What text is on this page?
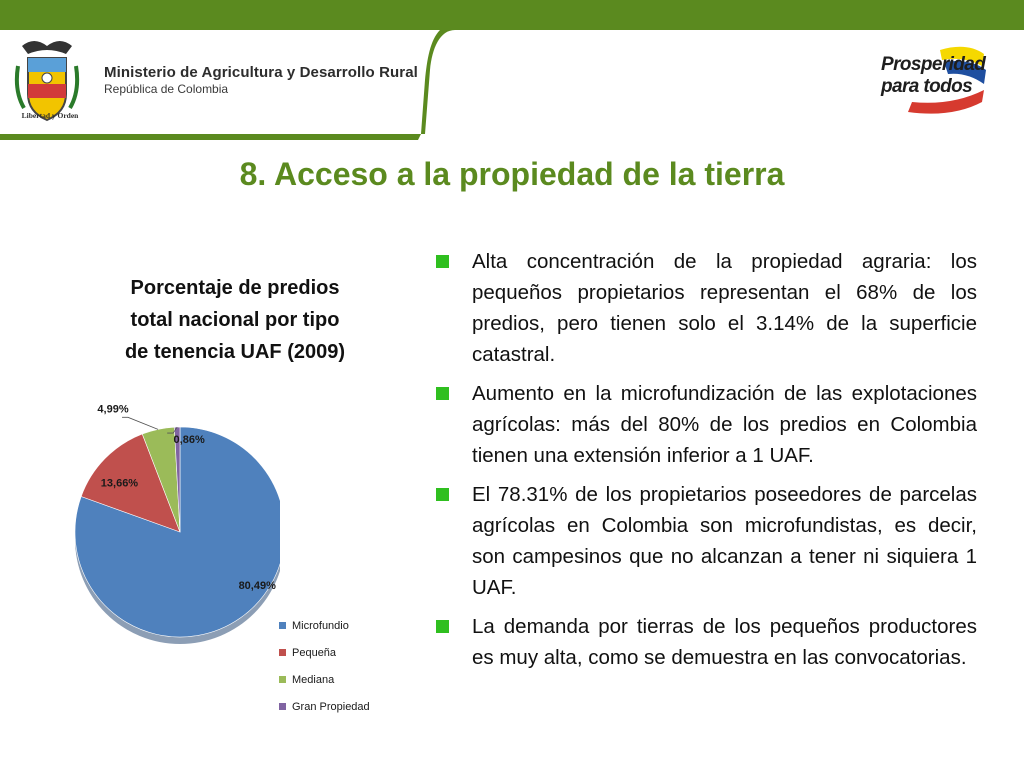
Libertad y Orden
Ministerio de Agricultura y Desarrollo Rural
República de Colombia
Prosperidad
para todos
8. Acceso a la propiedad de la tierra
Porcentaje de predios
total nacional por tipo
de tenencia UAF (2009)
80,49%
13,66%
4,99%
0,86%
Microfundio
Pequeña
Mediana
Gran Propiedad
Alta concentración de la propiedad agraria: los pequeños propietarios representan el 68% de los predios, pero tienen solo el 3.14% de la superficie catastral.
Aumento en la microfundización de las explotaciones agrícolas: más del 80% de los predios en Colombia tienen una extensión inferior a 1 UAF.
El 78.31% de los propietarios poseedores de parcelas agrícolas en Colombia son microfundistas, es decir, son campesinos que no alcanzan a tener ni siquiera 1 UAF.
La demanda por tierras de los pequeños productores es muy alta, como se demuestra en las convocatorias.
